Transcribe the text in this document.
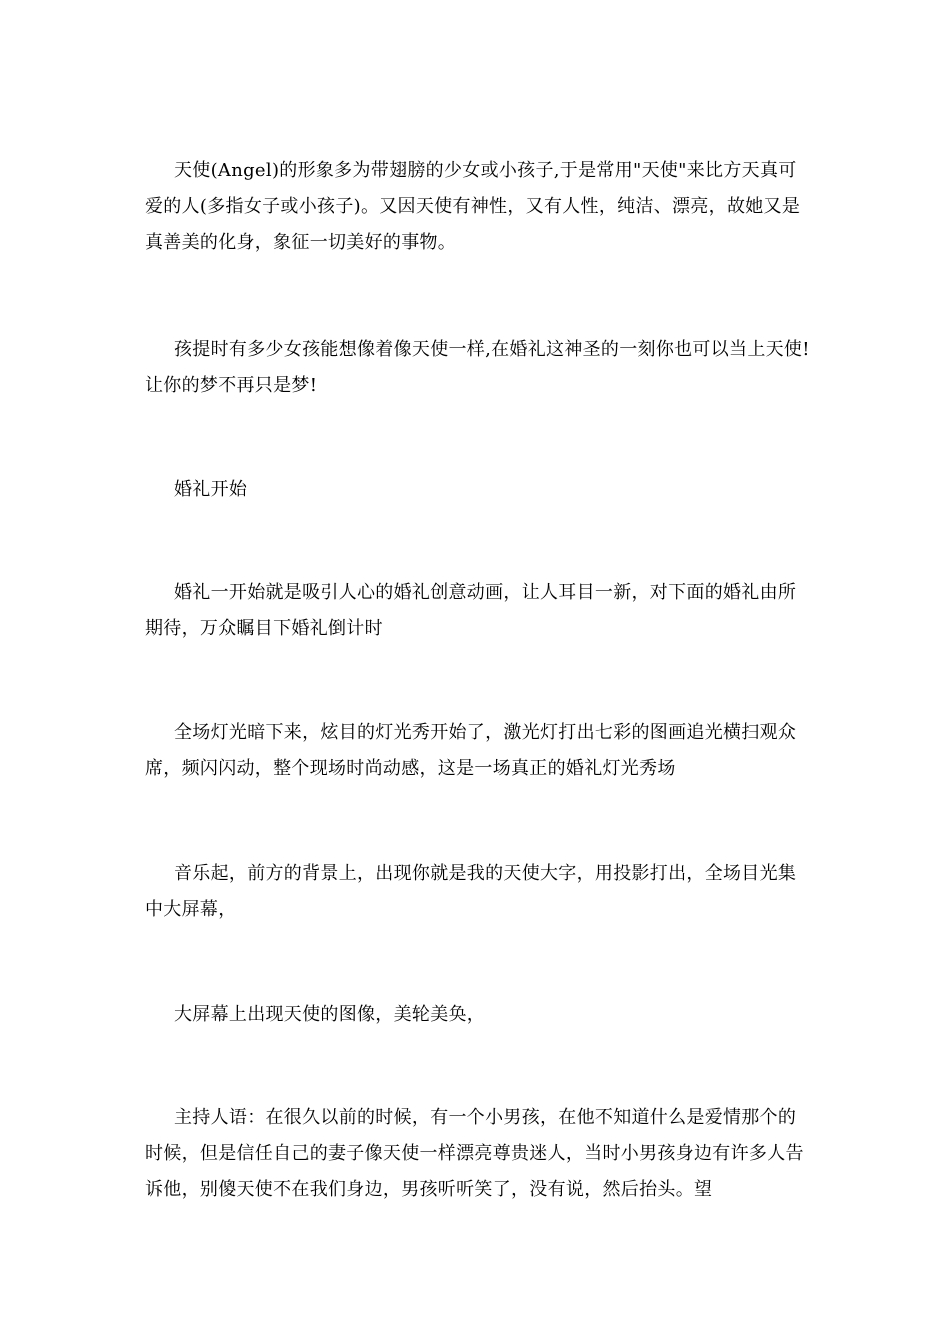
天使(Angel)的形象多为带翅膀的少女或小孩子,于是常用"天使"来比方天真可爱的人(多指女子或小孩子)。又因天使有神性，又有人性，纯洁、漂亮，故她又是真善美的化身，象征一切美好的事物。

孩提时有多少女孩能想像着像天使一样,在婚礼这神圣的一刻你也可以当上天使!让你的梦不再只是梦!

婚礼开始

婚礼一开始就是吸引人心的婚礼创意动画，让人耳目一新，对下面的婚礼由所期待，万众瞩目下婚礼倒计时

全场灯光暗下来，炫目的灯光秀开始了，激光灯打出七彩的图画追光横扫观众席，频闪闪动，整个现场时尚动感，这是一场真正的婚礼灯光秀场

音乐起，前方的背景上，出现你就是我的天使大字，用投影打出，全场目光集中大屏幕，

大屏幕上出现天使的图像，美轮美奂，

主持人语：在很久以前的时候，有一个小男孩，在他不知道什么是爱情那个的时候，但是信任自己的妻子像天使一样漂亮尊贵迷人，当时小男孩身边有许多人告诉他，别傻天使不在我们身边，男孩听听笑了，没有说，然后抬头。望
